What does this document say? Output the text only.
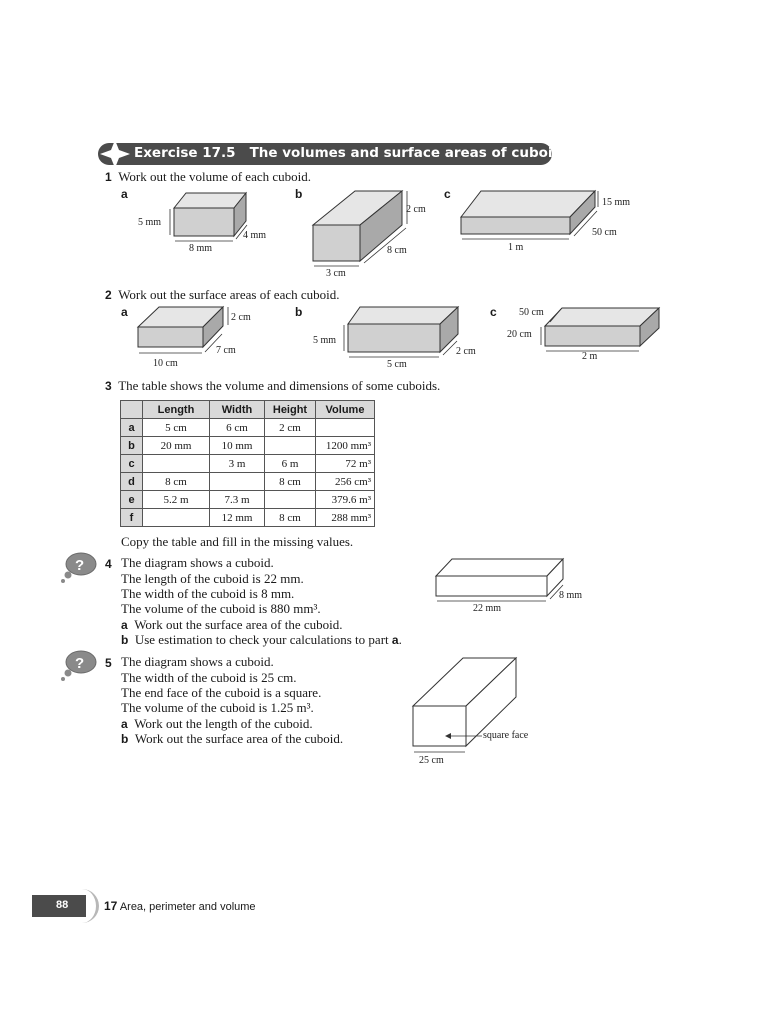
Exercise 17.5 The volumes and surface areas of cuboids
1 Work out the volume of each cuboid.
a	b	c
5 mm
8 mm
4 mm
2 cm
3 cm
8 cm
15 mm
1 m
50 cm
2 Work out the surface areas of each cuboid.
a	b	c
2 cm
10 cm
7 cm
5 mm
5 cm
2 cm
50 cm
20 cm
2 m
3 The table shows the volume and dimensions of some cuboids.
	Length	Width	Height	Volume
a	5 cm	6 cm	2 cm	
b	20 mm	10 mm		1200 mm³
c		3 m	6 m	72 m³
d	8 cm		8 cm	256 cm³
e	5.2 m	7.3 m		379.6 m³
f		12 mm	8 cm	288 mm³
Copy the table and fill in the missing values.
? 4 The diagram shows a cuboid.
The length of the cuboid is 22 mm.
The width of the cuboid is 8 mm.
The volume of the cuboid is 880 mm³.
a Work out the surface area of the cuboid.
b Use estimation to check your calculations to part a.
22 mm
8 mm
? 5 The diagram shows a cuboid.
The width of the cuboid is 25 cm.
The end face of the cuboid is a square.
The volume of the cuboid is 1.25 m³.
a Work out the length of the cuboid.
b Work out the surface area of the cuboid.	square face
25 cm
88	17 Area, perimeter and volume
